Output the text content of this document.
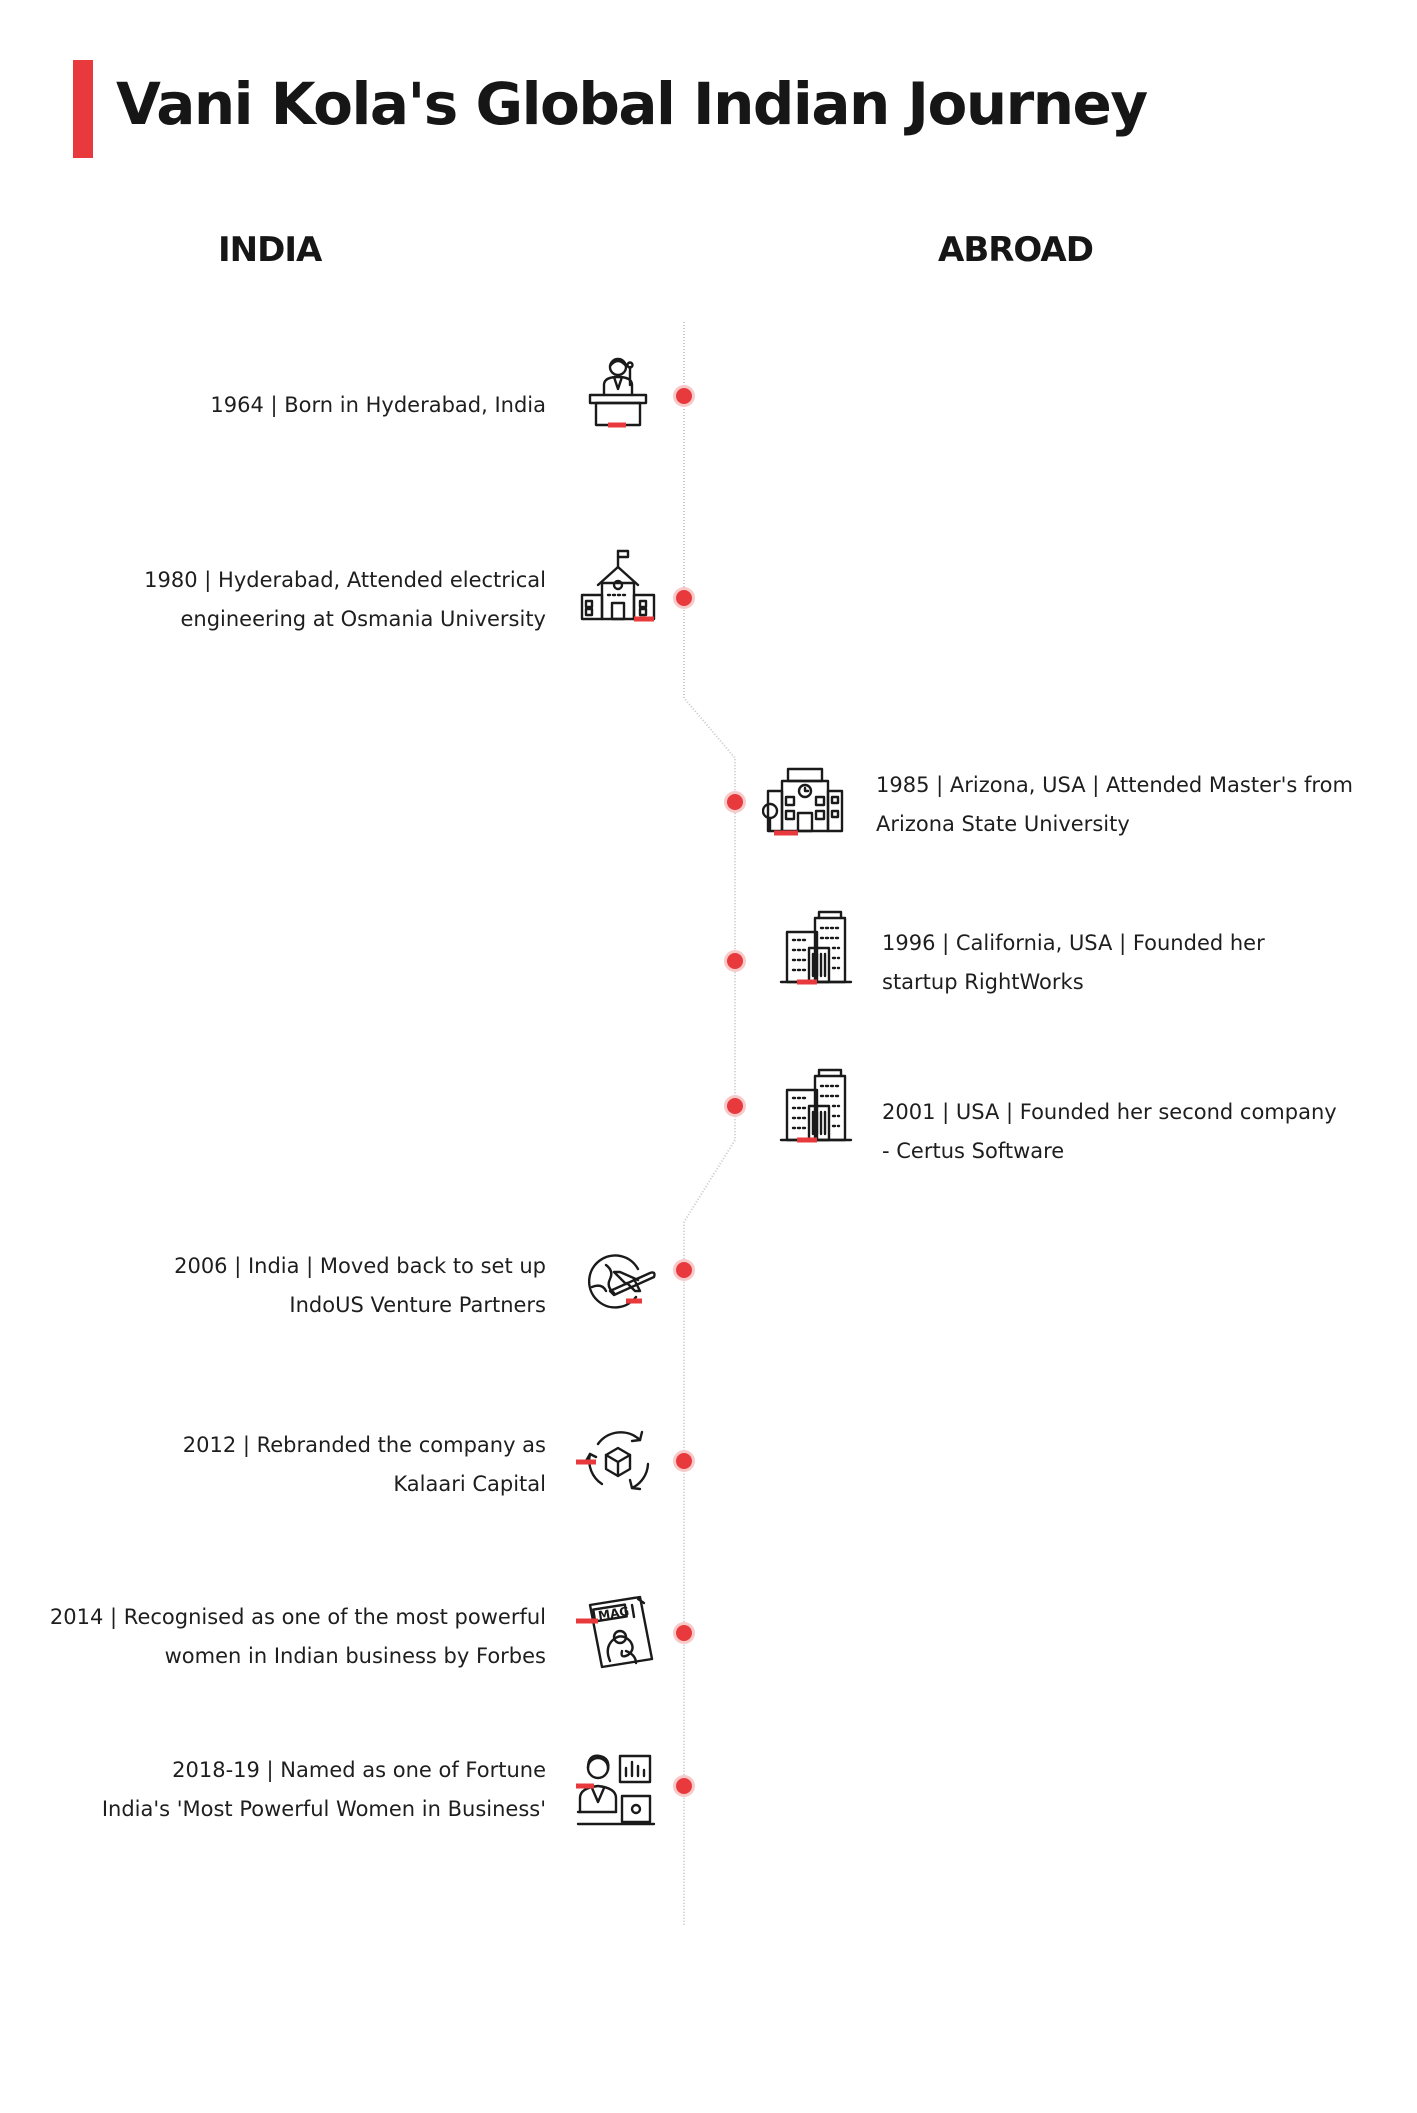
Vani Kola's Global Indian Journey
INDIA	ABROAD
1964 | Born in Hyderabad, India
1980 | Hyderabad, Attended electrical
engineering at Osmania University
1985 | Arizona, USA | Attended Master's from
Arizona State University
1996 | California, USA | Founded her
startup RightWorks
2001 | USA | Founded her second company
- Certus Software
2006 | India | Moved back to set up
IndoUS Venture Partners
2012 | Rebranded the company as
Kalaari Capital
MAG
2014 | Recognised as one of the most powerful
women in Indian business by Forbes
2018-19 | Named as one of Fortune
India's 'Most Powerful Women in Business'
